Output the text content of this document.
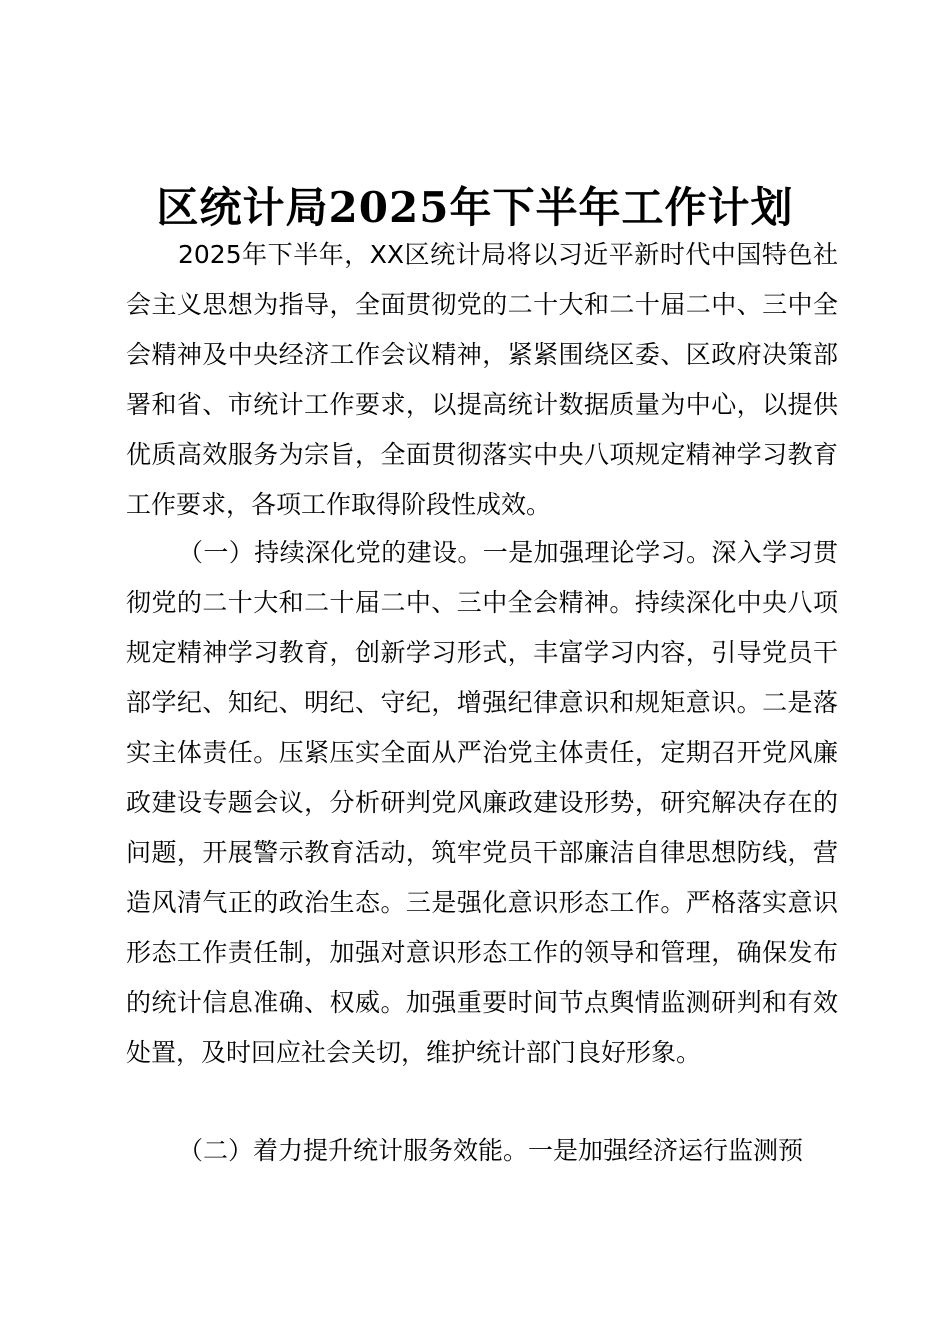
区统计局2025年下半年工作计划

2025年下半年，XX区统计局将以习近平新时代中国特色社会主义思想为指导，全面贯彻党的二十大和二十届二中、三中全会精神及中央经济工作会议精神，紧紧围绕区委、区政府决策部署和省、市统计工作要求，以提高统计数据质量为中心，以提供优质高效服务为宗旨，全面贯彻落实中央八项规定精神学习教育工作要求，各项工作取得阶段性成效。

（一）持续深化党的建设。一是加强理论学习。深入学习贯彻党的二十大和二十届二中、三中全会精神。持续深化中央八项规定精神学习教育，创新学习形式，丰富学习内容，引导党员干部学纪、知纪、明纪、守纪，增强纪律意识和规矩意识。二是落实主体责任。压紧压实全面从严治党主体责任，定期召开党风廉政建设专题会议，分析研判党风廉政建设形势，研究解决存在的问题，开展警示教育活动，筑牢党员干部廉洁自律思想防线，营造风清气正的政治生态。三是强化意识形态工作。严格落实意识形态工作责任制，加强对意识形态工作的领导和管理，确保发布的统计信息准确、权威。加强重要时间节点舆情监测研判和有效处置，及时回应社会关切，维护统计部门良好形象。

（二）着力提升统计服务效能。一是加强经济运行监测预
